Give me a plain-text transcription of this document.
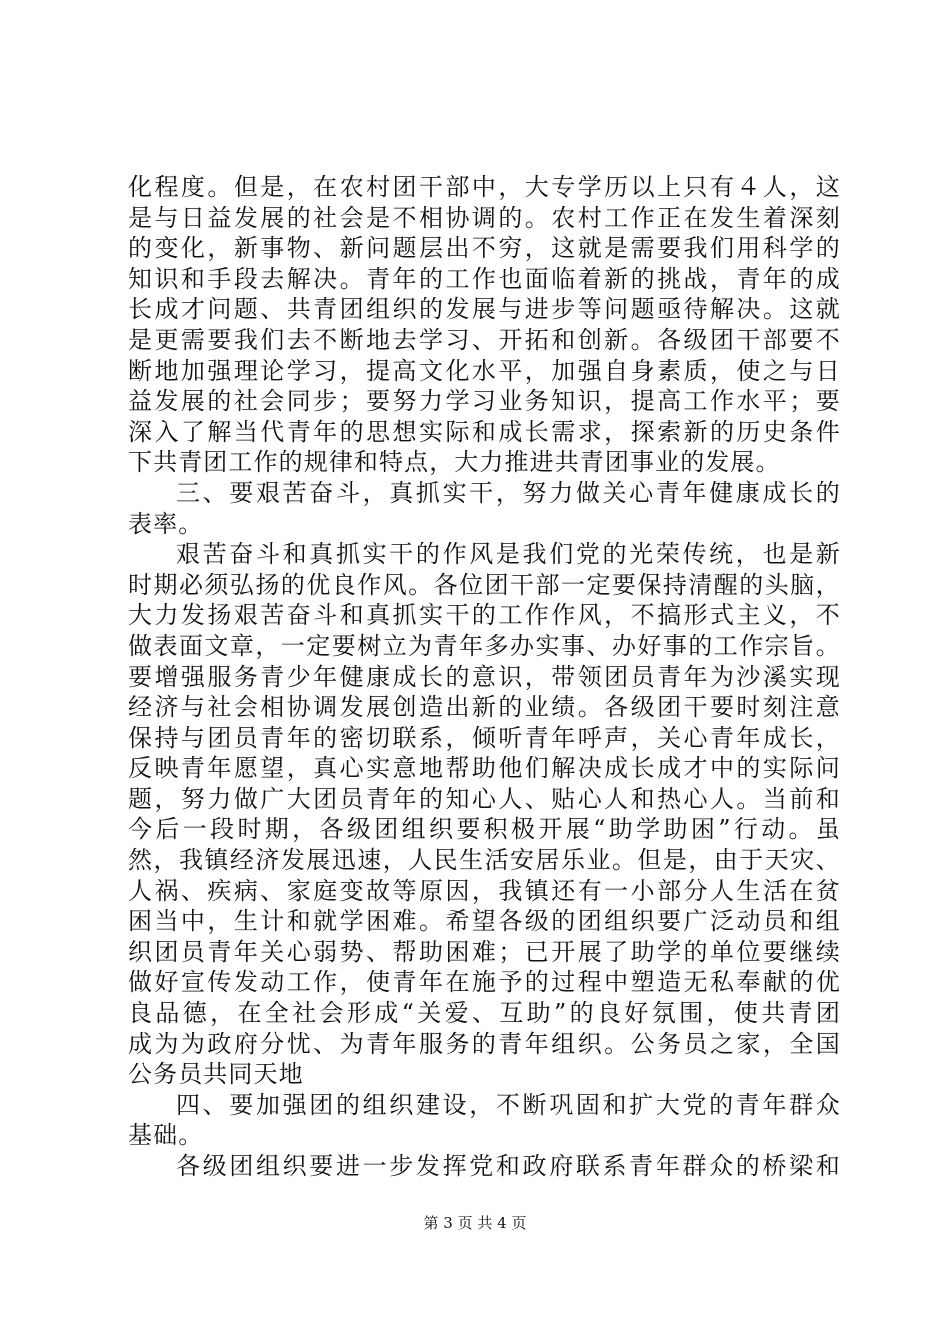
化 程 度 。 但 是 ， 在 农 村 团 干 部 中 ， 大 专 学 历 以 上 只 有 ４ 人 ， 这
是 与 日 益 发 展 的 社 会 是 不 相 协 调 的 。 农 村 工 作 正 在 发 生 着 深 刻
的 变 化 ， 新 事 物 、 新 问 题 层 出 不 穷 ， 这 就 是 需 要 我 们 用 科 学 的
知 识 和 手 段 去 解 决 。 青 年 的 工 作 也 面 临 着 新 的 挑 战 ， 青 年 的 成
长 成 才 问 题 、 共 青 团 组 织 的 发 展 与 进 步 等 问 题 亟 待 解 决 。 这 就
是 更 需 要 我 们 去 不 断 地 去 学 习 、 开 拓 和 创 新 。 各 级 团 干 部 要 不
断 地 加 强 理 论 学 习 ， 提 高 文 化 水 平 ， 加 强 自 身 素 质 ， 使 之 与 日
益 发 展 的 社 会 同 步 ； 要 努 力 学 习 业 务 知 识 ， 提 高 工 作 水 平 ； 要
深 入 了 解 当 代 青 年 的 思 想 实 际 和 成 长 需 求 ， 探 索 新 的 历 史 条 件
下共青团工作的规律和特点，大力推进共青团事业的发展。
三 、 要 艰 苦 奋 斗 ， 真 抓 实 干 ， 努 力 做 关 心 青 年 健 康 成 长 的
表率。
艰 苦 奋 斗 和 真 抓 实 干 的 作 风 是 我 们 党 的 光 荣 传 统 ， 也 是 新
时 期 必 须 弘 扬 的 优 良 作 风 。 各 位 团 干 部 一 定 要 保 持 清 醒 的 头 脑 ，
大 力 发 扬 艰 苦 奋 斗 和 真 抓 实 干 的 工 作 作 风 ， 不 搞 形 式 主 义 ， 不
做 表 面 文 章 ， 一 定 要 树 立 为 青 年 多 办 实 事 、 办 好 事 的 工 作 宗 旨 。
要 增 强 服 务 青 少 年 健 康 成 长 的 意 识 ， 带 领 团 员 青 年 为 沙 溪 实 现
经 济 与 社 会 相 协 调 发 展 创 造 出 新 的 业 绩 。 各 级 团 干 要 时 刻 注 意
保 持 与 团 员 青 年 的 密 切 联 系 ， 倾 听 青 年 呼 声 ， 关 心 青 年 成 长 ，
反 映 青 年 愿 望 ， 真 心 实 意 地 帮 助 他 们 解 决 成 长 成 才 中 的 实 际 问
题 ， 努 力 做 广 大 团 员 青 年 的 知 心 人 、 贴 心 人 和 热 心 人 。 当 前 和
今 后 一 段 时 期 ， 各 级 团 组 织 要 积 极 开 展 “ 助 学 助 困 ” 行 动 。 虽
然 ， 我 镇 经 济 发 展 迅 速 ， 人 民 生 活 安 居 乐 业 。 但 是 ， 由 于 天 灾 、
人 祸 、 疾 病 、 家 庭 变 故 等 原 因 ， 我 镇 还 有 一 小 部 分 人 生 活 在 贫
困 当 中 ， 生 计 和 就 学 困 难 。 希 望 各 级 的 团 组 织 要 广 泛 动 员 和 组
织 团 员 青 年 关 心 弱 势 、 帮 助 困 难 ； 已 开 展 了 助 学 的 单 位 要 继 续
做 好 宣 传 发 动 工 作 ， 使 青 年 在 施 予 的 过 程 中 塑 造 无 私 奉 献 的 优
良 品 德 ， 在 全 社 会 形 成 “ 关 爱 、 互 助 ” 的 良 好 氛 围 ， 使 共 青 团
成 为 为 政 府 分 忧 、 为 青 年 服 务 的 青 年 组 织 。 公 务 员 之 家 ， 全 国
公务员共同天地
四 、 要 加 强 团 的 组 织 建 设 ， 不 断 巩 固 和 扩 大 党 的 青 年 群 众
基础。
各 级 团 组 织 要 进 一 步 发 挥 党 和 政 府 联 系 青 年 群 众 的 桥 梁 和
第 3 页 共 4 页
